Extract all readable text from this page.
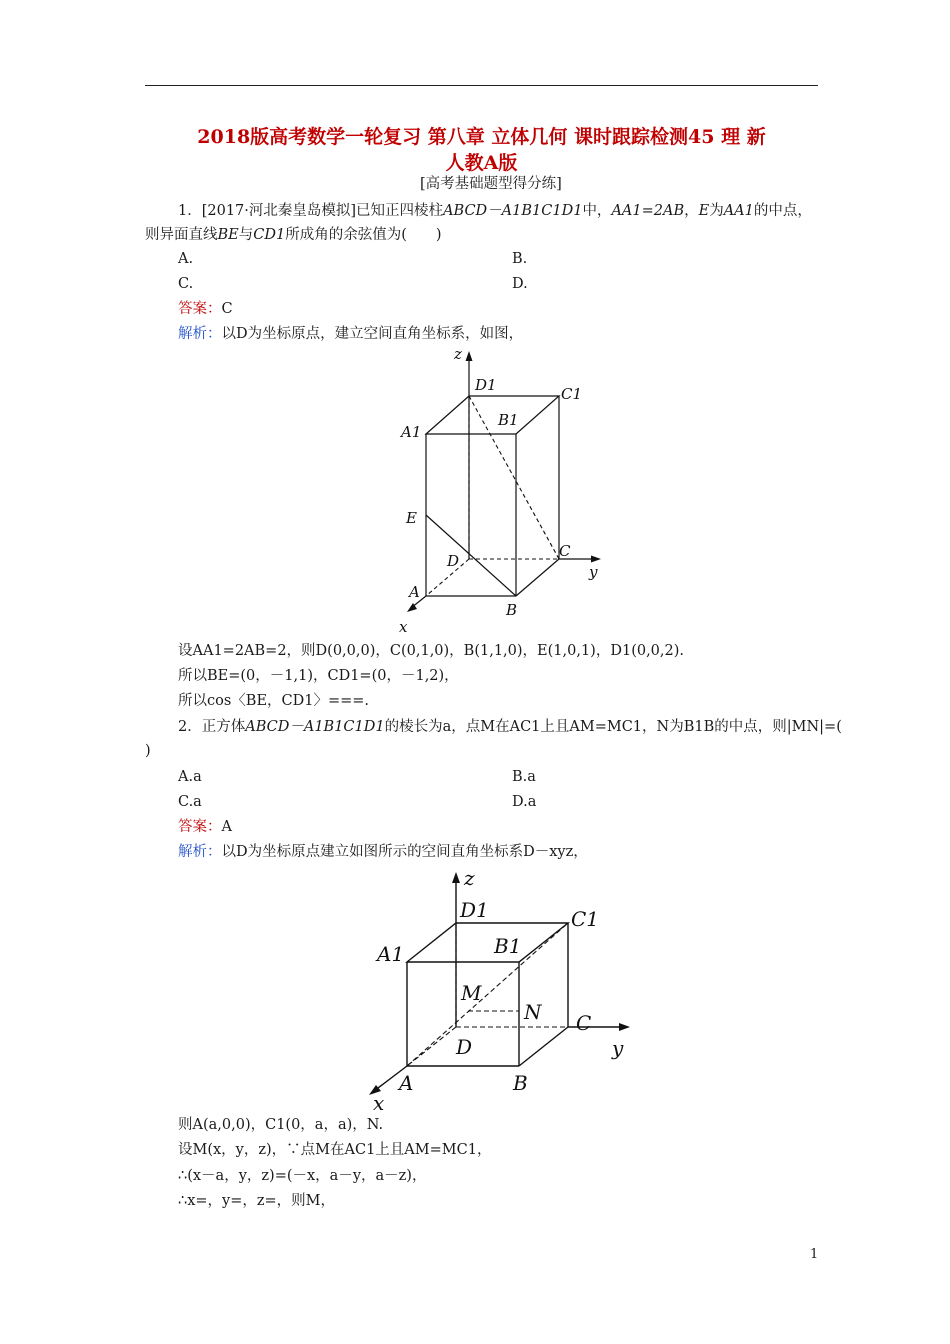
2018版高考数学一轮复习 第八章 立体几何 课时跟踪检测45 理 新
人教A版
[高考基础题型得分练]
1．[2017·河北秦皇岛模拟]已知正四棱柱ABCD－A1B1C1D1中，AA1=2AB，E为AA1的中点，
则异面直线BE与CD1所成角的余弦值为(　　)
A.	B.
C.	D.
答案：C
解析：以D为坐标原点，建立空间直角坐标系，如图，
z
D1	C1
B1
A1
E
D
C
y
A
B
x
设AA1=2AB=2，则D(0,0,0)，C(0,1,0)，B(1,1,0)，E(1,0,1)，D1(0,0,2).
所以BE=(0，－1,1)，CD1=(0，－1,2)，
所以cos〈BE，CD1〉===.
2．正方体ABCD－A1B1C1D1的棱长为a，点M在AC1上且AM=MC1，N为B1B的中点，则|MN|=(
)
A.a	B.a
C.a	D.a
答案：A
解析：以D为坐标原点建立如图所示的空间直角坐标系D－xyz，
z
D1	C1
B1
A1
M
N C
y
D
A	B
x
则A(a,0,0)，C1(0，a，a)，N.
设M(x，y，z)，∵点M在AC1上且AM=MC1，
∴(x－a，y，z)=(－x，a－y，a－z)，
∴x=，y=，z=，则M，
1
